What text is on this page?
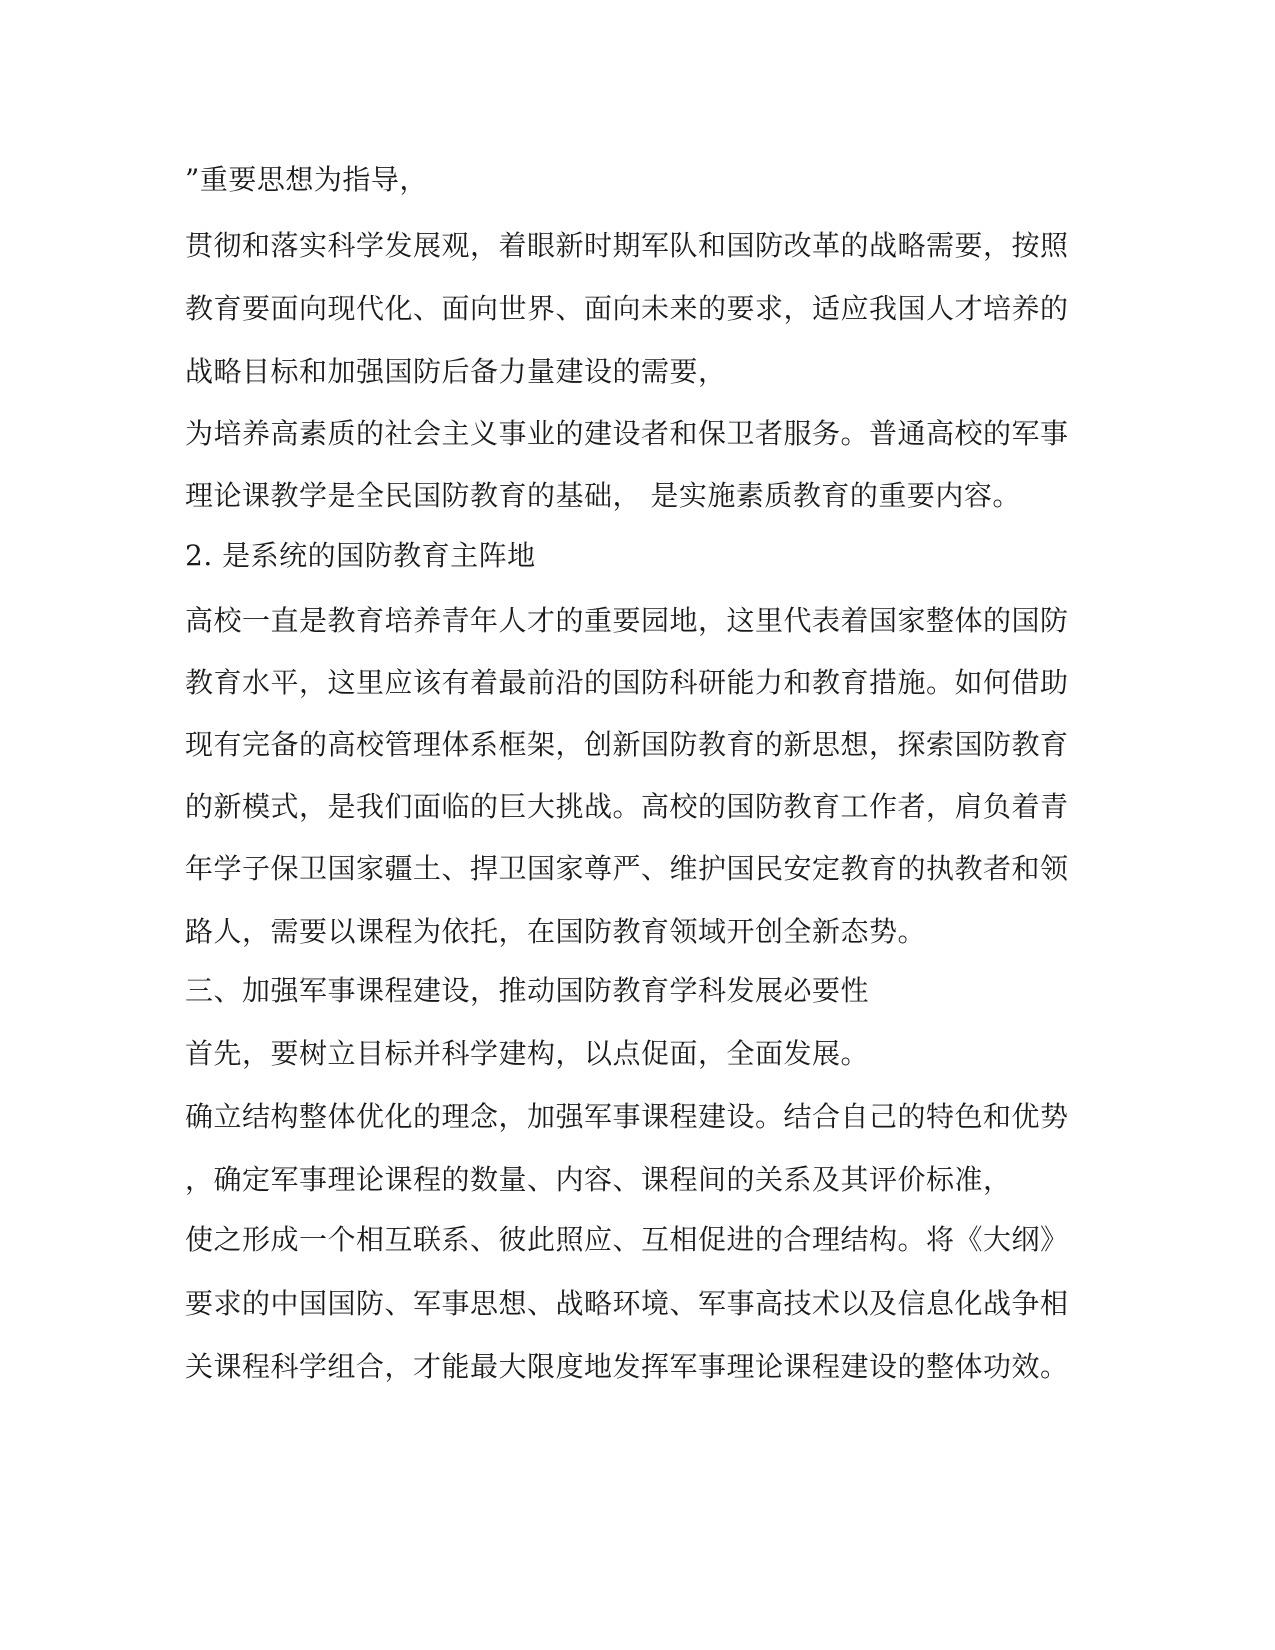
”重要思想为指导，
贯彻和落实科学发展观，着眼新时期军队和国防改革的战略需要，按照
教育要面向现代化、面向世界、面向未来的要求，适应我国人才培养的
战略目标和加强国防后备力量建设的需要，
为培养高素质的社会主义事业的建设者和保卫者服务。普通高校的军事
理论课教学是全民国防教育的基础， 是实施素质教育的重要内容。
2. 是系统的国防教育主阵地
高校一直是教育培养青年人才的重要园地，这里代表着国家整体的国防
教育水平，这里应该有着最前沿的国防科研能力和教育措施。如何借助
现有完备的高校管理体系框架，创新国防教育的新思想，探索国防教育
的新模式，是我们面临的巨大挑战。高校的国防教育工作者，肩负着青
年学子保卫国家疆土、捍卫国家尊严、维护国民安定教育的执教者和领
路人，需要以课程为依托，在国防教育领域开创全新态势。
三、加强军事课程建设，推动国防教育学科发展必要性
首先，要树立目标并科学建构，以点促面，全面发展。
确立结构整体优化的理念，加强军事课程建设。结合自己的特色和优势
，确定军事理论课程的数量、内容、课程间的关系及其评价标准，
使之形成一个相互联系、彼此照应、互相促进的合理结构。将《大纲》
要求的中国国防、军事思想、战略环境、军事高技术以及信息化战争相
关课程科学组合，才能最大限度地发挥军事理论课程建设的整体功效。
